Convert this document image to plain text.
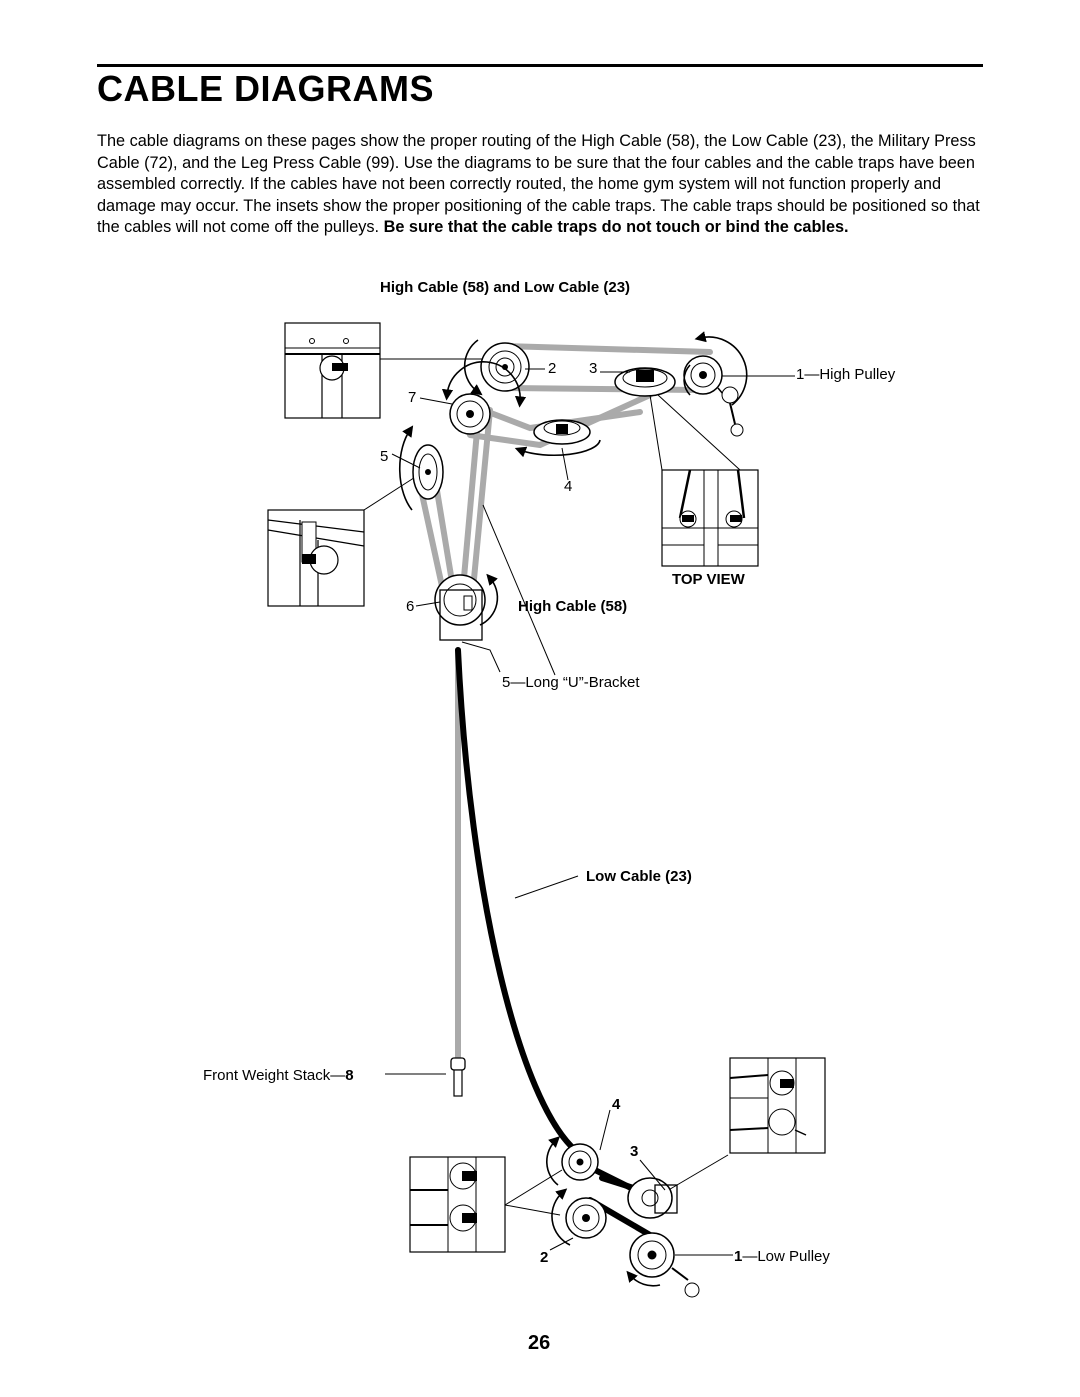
CABLE DIAGRAMS

The cable diagrams on these pages show the proper routing of the High Cable (58), the Low Cable (23), the Military Press Cable (72), and the Leg Press Cable (99). Use the diagrams to be sure that the four cables and the cable traps have been assembled correctly. If the cables have not been correctly routed, the home gym system will not function properly and damage may occur. The insets show the proper positioning of the cable traps. The cable traps should be positioned so that the cables will not come off the pulleys. Be sure that the cable traps do not touch or bind the cables.

High Cable (58) and Low Cable (23)
2 3
7
5
4
6
1—High Pulley
TOP VIEW
High Cable (58)
5—Long “U”-Bracket
Low Cable (23)
Front Weight Stack—8
4
3
2	1—Low Pulley
26
